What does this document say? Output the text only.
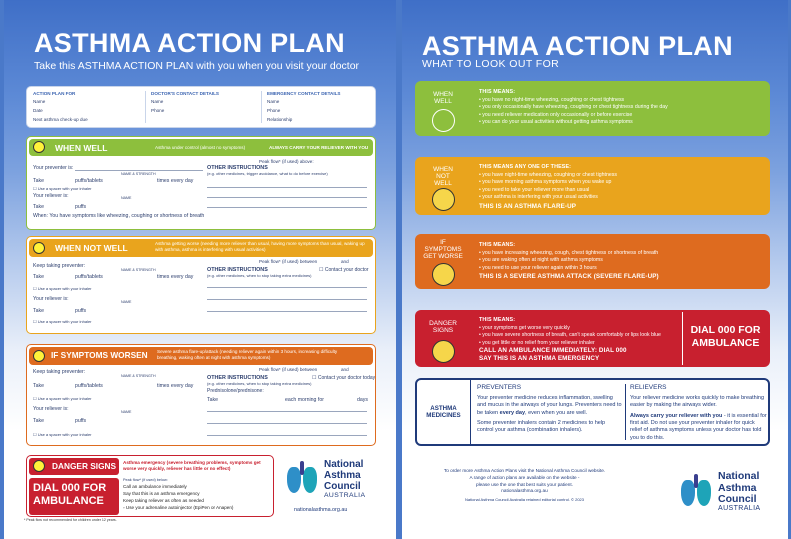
ASTHMA ACTION PLAN
Take this ASTHMA ACTION PLAN with you when you visit your doctor
ACTION PLAN FOR
Name
Date
Next asthma check-up due
DOCTOR'S CONTACT DETAILS
Name
Phone
EMERGENCY CONTACT DETAILS
Name
Phone
Relationship
WHEN WELL	Asthma under control (almost no symptoms)	ALWAYS CARRY YOUR RELIEVER WITH YOU
Peak flow* (if used) above:
Your preventer is:
NAME & STRENGTH
Take	puffs/tablets	times every day
☐ Use a spacer with your inhaler
Your reliever is:	NAME
Take	puffs
When: You have symptoms like wheezing, coughing or shortness of breath
OTHER INSTRUCTIONS
(e.g. other medicines, trigger avoidance, what to do before exercise)
WHEN NOT WELL	Asthma getting worse (needing more reliever than usual, having more symptoms than usual, waking up with asthma, asthma is interfering with usual activities)
Peak flow* (if used) between	and
Keep taking preventer:
NAME & STRENGTH
Take	puffs/tablets	times every day
☐ Use a spacer with your inhaler
Your reliever is:	NAME
Take	puffs
☐ Use a spacer with your inhaler
OTHER INSTRUCTIONS
(e.g. other medicines, when to stop taking extra medicines)
☐ Contact your doctor
IF SYMPTOMS WORSEN Severe asthma flare-up/attack (needing reliever again within 3 hours, increasing difficulty breathing, waking often at night with asthma symptoms)
Peak flow* (if used) between	and
Keep taking preventer:
NAME & STRENGTH
Take	puffs/tablets	times every day
☐ Use a spacer with your inhaler
Your reliever is:	NAME
Take	puffs
☐ Use a spacer with your inhaler
OTHER INSTRUCTIONS
(e.g. other medicines, when to stop taking extra medicines)
☐ Contact your doctor today
Prednisolone/prednisone:
Take	each morning for	days
DANGER SIGNS Asthma emergency (severe breathing problems, symptoms get worse very quickly, reliever has little or no effect)
DIAL 000 FOR AMBULANCE
Peak flow* (if used) below:
Call an ambulance immediately
Say that this is an asthma emergency
Keep taking reliever as often as needed
▫ Use your adrenaline autoinjector (EpiPen or Anapen)
National
Asthma
Council
AUSTRALIA
nationalasthma.org.au
* Peak flow not recommended for children under 12 years.
ASTHMA ACTION PLAN
WHAT TO LOOK OUT FOR
WHEN
WELL
THIS MEANS:
• you have no night-time wheezing, coughing or chest tightness
• you only occasionally have wheezing, coughing or chest tightness during the day
• you need reliever medication only occasionally or before exercise
• you can do your usual activities without getting asthma symptoms
WHEN
NOT
WELL
THIS MEANS ANY ONE OF THESE:
• you have night-time wheezing, coughing or chest tightness
• you have morning asthma symptoms when you wake up
• you need to take your reliever more than usual
• your asthma is interfering with your usual activities
THIS IS AN ASTHMA FLARE-UP
IF
SYMPTOMS
GET WORSE
THIS MEANS:
• you have increasing wheezing, cough, chest tightness or shortness of breath
• you are waking often at night with asthma symptoms
• you need to use your reliever again within 3 hours
THIS IS A SEVERE ASTHMA ATTACK (SEVERE FLARE-UP)
DANGER
SIGNS
THIS MEANS:
• your symptoms get worse very quickly
• you have severe shortness of breath, can't speak comfortably or lips look blue
• you get little or no relief from your reliever inhaler
CALL AN AMBULANCE IMMEDIATELY: DIAL 000
SAY THIS IS AN ASTHMA EMERGENCY
DIAL 000 FOR AMBULANCE
ASTHMA
MEDICINES
PREVENTERS
Your preventer medicine reduces inflammation, swelling and mucus in the airways of your lungs. Preventers need to be taken every day, even when you are well.
Some preventer inhalers contain 2 medicines to help control your asthma (combination inhalers).
RELIEVERS
Your reliever medicine works quickly to make breathing easier by making the airways wider.
Always carry your reliever with you - it is essential for first aid. Do not use your preventer inhaler for quick relief of asthma symptoms unless your doctor has told you to do this.
To order more Asthma Action Plans visit the National Asthma Council website.
A range of action plans are available on the website -
please use the one that best suits your patient.
nationalasthma.org.au
National Asthma Council Australia retained editorial control. © 2023
National
Asthma
Council
AUSTRALIA
